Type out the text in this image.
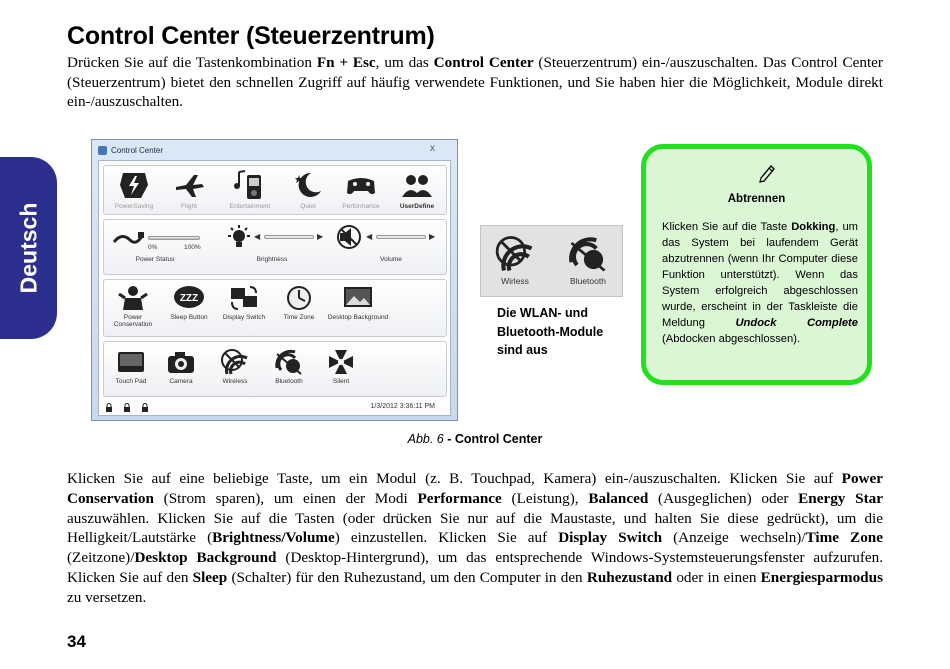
Deutsch
Control Center (Steuerzentrum)

Drücken Sie auf die Tastenkombination Fn + Esc, um das Control Center (Steuerzentrum) ein-/auszuschalten. Das Control Center (Steuerzentrum) bietet den schnellen Zugriff auf häufig verwendete Funktionen, und Sie haben hier die Möglichkeit, Module direkt ein-/auszuschalten.

Control Center	x
PowerSaving	Flight	Entertainment	Quiet	Performance	UserDefine
0%	100%
Power Status
◀	▶
Brightness
◀	▶
Volume
Power Conservation
ZZZ
Sleep Button	Display Switch	Time Zone	Desktop Background
Touch Pad	Camera	Wireless	Bluetooth	Silent
1/3/2012 3:36:11 PM
Wirless	Bluetooth
Die WLAN- und Bluetooth-Module sind aus
Abtrennen

Klicken Sie auf die Taste Dokking, um das System bei laufendem Gerät abzutrennen (wenn Ihr Computer diese Funktion unterstützt). Wenn das System erfolgreich abgeschlossen wurde, erscheint in der Taskleiste die Meldung Undock Complete (Abdocken abgeschlossen).

Abb. 6 - Control Center

Klicken Sie auf eine beliebige Taste, um ein Modul (z. B. Touchpad, Kamera) ein-/auszuschalten. Klicken Sie auf Power Conservation (Strom sparen), um einen der Modi Performance (Leistung), Balanced (Ausgeglichen) oder Energy Star auszuwählen. Klicken Sie auf die Tasten (oder drücken Sie nur auf die Maustaste, und halten Sie diese gedrückt), um die Helligkeit/Lautstärke (Brightness/Volume) einzustellen. Klicken Sie auf Display Switch (Anzeige wechseln)/Time Zone (Zeitzone)/Desktop Background (Desktop-Hintergrund), um das entsprechende Windows-Systemsteuerungsfenster aufzurufen. Klicken Sie auf den Sleep (Schalter) für den Ruhezustand, um den Computer in den Ruhezustand oder in einen Energiesparmodus zu versetzen.

34
